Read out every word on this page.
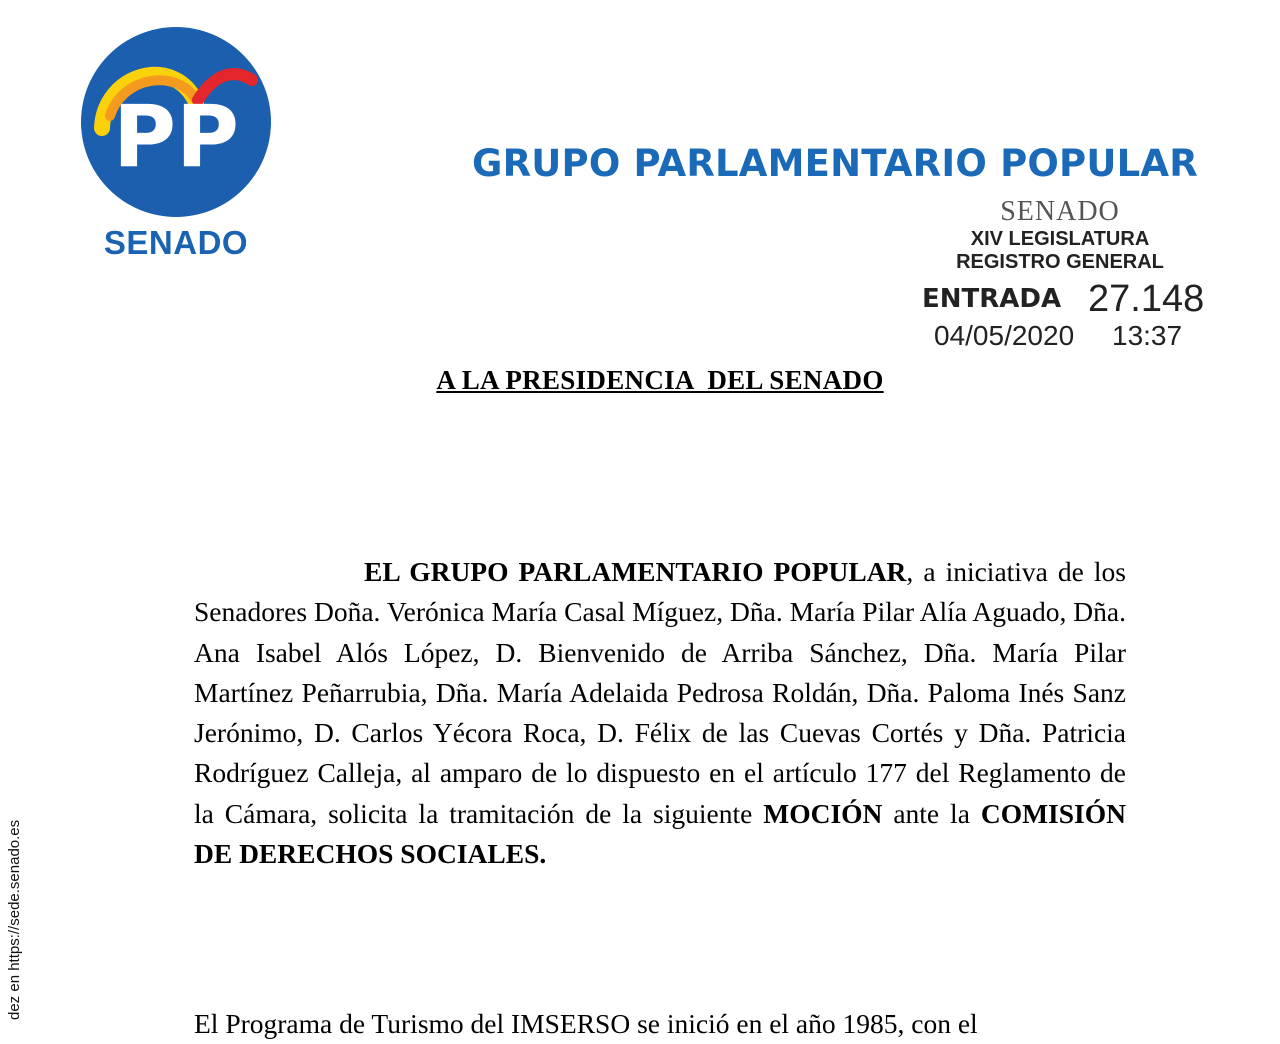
PP
SENADO
GRUPO PARLAMENTARIO POPULAR
SENADO
XIV LEGISLATURA
REGISTRO GENERAL
ENTRADA 27.148
04/05/2020 13:37
A LA PRESIDENCIA  DEL SENADO
EL GRUPO PARLAMENTARIO POPULAR, a iniciativa de los Senadores Doña. Verónica María Casal Míguez, Dña. María Pilar Alía Aguado, Dña. Ana Isabel Alós López, D. Bienvenido de Arriba Sánchez, Dña. María Pilar Martínez Peñarrubia, Dña. María Adelaida Pedrosa Roldán, Dña. Paloma Inés Sanz Jerónimo, D. Carlos Yécora Roca, D. Félix de las Cuevas Cortés y Dña. Patricia Rodríguez Calleja, al amparo de lo dispuesto en el artículo 177 del Reglamento de la Cámara, solicita la tramitación de la siguiente MOCIÓN ante la COMISIÓN DE DERECHOS SOCIALES.
El Programa de Turismo del IMSERSO se inició en el año 1985, con el
dez en https://sede.senado.es
